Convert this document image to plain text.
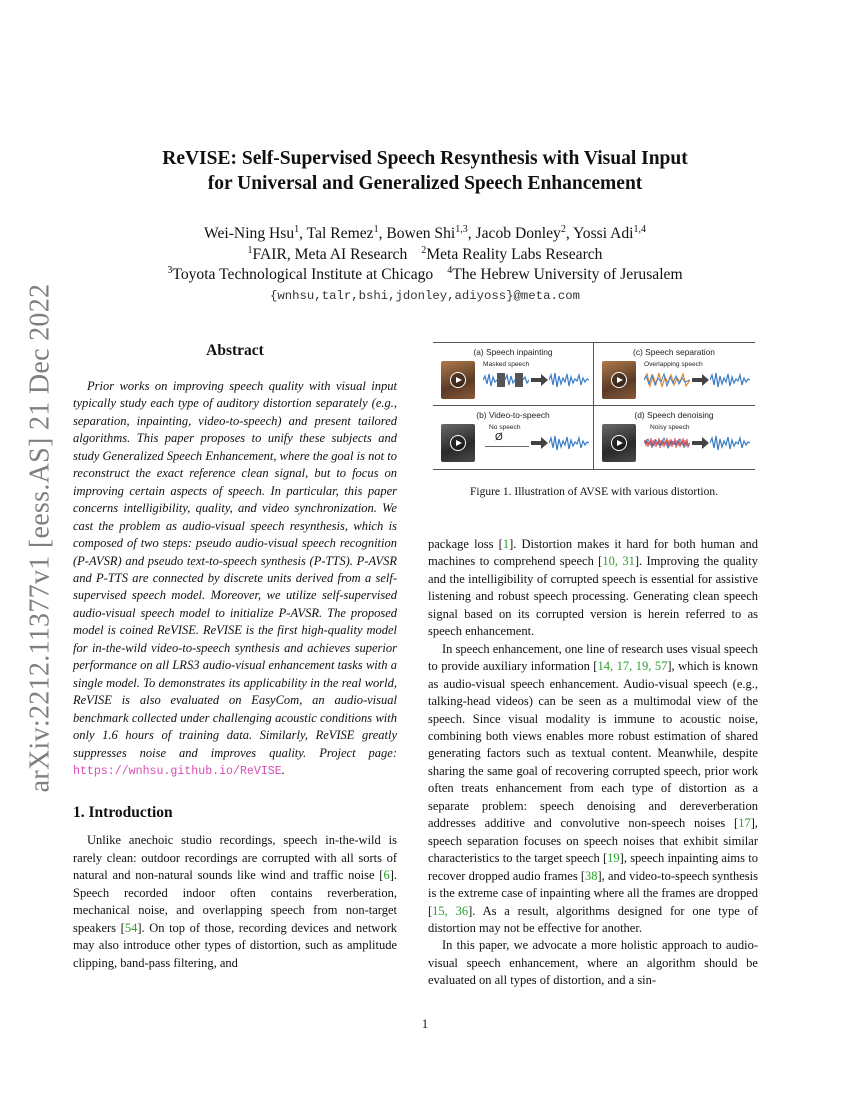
arXiv:2212.11377v1 [eess.AS] 21 Dec 2022
ReVISE: Self-Supervised Speech Resynthesis with Visual Input
for Universal and Generalized Speech Enhancement
Wei-Ning Hsu$^1$, Tal Remez$^1$, Bowen Shi$^{1,3}$, Jacob Donley$^2$, Yossi Adi$^{1,4}$
$^1$FAIR, Meta AI Research $^2$Meta Reality Labs Research
$^3$Toyota Technological Institute at Chicago $^4$The Hebrew University of Jerusalem
{wnhsu,talr,bshi,jdonley,adiyoss}@meta.com
Abstract

Prior works on improving speech quality with visual input typically study each type of auditory distortion separately (e.g., separation, inpainting, video-to-speech) and present tailored algorithms. This paper proposes to unify these subjects and study Generalized Speech Enhancement, where the goal is not to reconstruct the exact reference clean signal, but to focus on improving certain aspects of speech. In particular, this paper concerns intelligibility, quality, and video synchronization. We cast the problem as audio-visual speech resynthesis, which is composed of two steps: pseudo audio-visual speech recognition (P-AVSR) and pseudo text-to-speech synthesis (P-TTS). P-AVSR and P-TTS are connected by discrete units derived from a self-supervised speech model. Moreover, we utilize self-supervised audio-visual speech model to initialize P-AVSR. The proposed model is coined ReVISE. ReVISE is the first high-quality model for in-the-wild video-to-speech synthesis and achieves superior performance on all LRS3 audio-visual enhancement tasks with a single model. To demonstrates its applicability in the real world, ReVISE is also evaluated on EasyCom, an audio-visual benchmark collected under challenging acoustic conditions with only 1.6 hours of training data. Similarly, ReVISE greatly suppresses noise and improves quality. Project page: https://wnhsu.github.io/ReVISE.

1. Introduction

Unlike anechoic studio recordings, speech in-the-wild is rarely clean: outdoor recordings are corrupted with all sorts of natural and non-natural sounds like wind and traffic noise [6]. Speech recorded indoor often contains reverberation, mechanical noise, and overlapping speech from non-target speakers [54]. On top of those, recording devices and network may also introduce other types of distortion, such as amplitude clipping, band-pass filtering, and

(a) Speech inpainting
Masked speech
(c) Speech separation
Overlapping speech
(b) Video-to-speech
No speech
Ø
(d) Speech denoising
Noisy speech
Figure 1. Illustration of AVSE with various distortion.

package loss [1]. Distortion makes it hard for both human and machines to comprehend speech [10, 31]. Improving the quality and the intelligibility of corrupted speech is essential for assistive listening and robust speech processing. Generating clean speech signal based on its corrupted version is herein referred to as speech enhancement.

In speech enhancement, one line of research uses visual speech to provide auxiliary information [14, 17, 19, 57], which is known as audio-visual speech enhancement. Audio-visual speech (e.g., talking-head videos) can be seen as a multimodal view of the speech. Since visual modality is immune to acoustic noise, combining both views enables more robust estimation of shared generating factors such as textual content. Meanwhile, despite sharing the same goal of recovering corrupted speech, prior work often treats enhancement from each type of distortion as a separate problem: speech denoising and dereverberation addresses additive and convolutive non-speech noises [17], speech separation focuses on speech noises that exhibit similar characteristics to the target speech [19], speech inpainting aims to recover dropped audio frames [38], and video-to-speech synthesis is the extreme case of inpainting where all the frames are dropped [15, 36]. As a result, algorithms designed for one type of distortion may not be effective for another.

In this paper, we advocate a more holistic approach to audio-visual speech enhancement, where an algorithm should be evaluated on all types of distortion, and a sin-

1
